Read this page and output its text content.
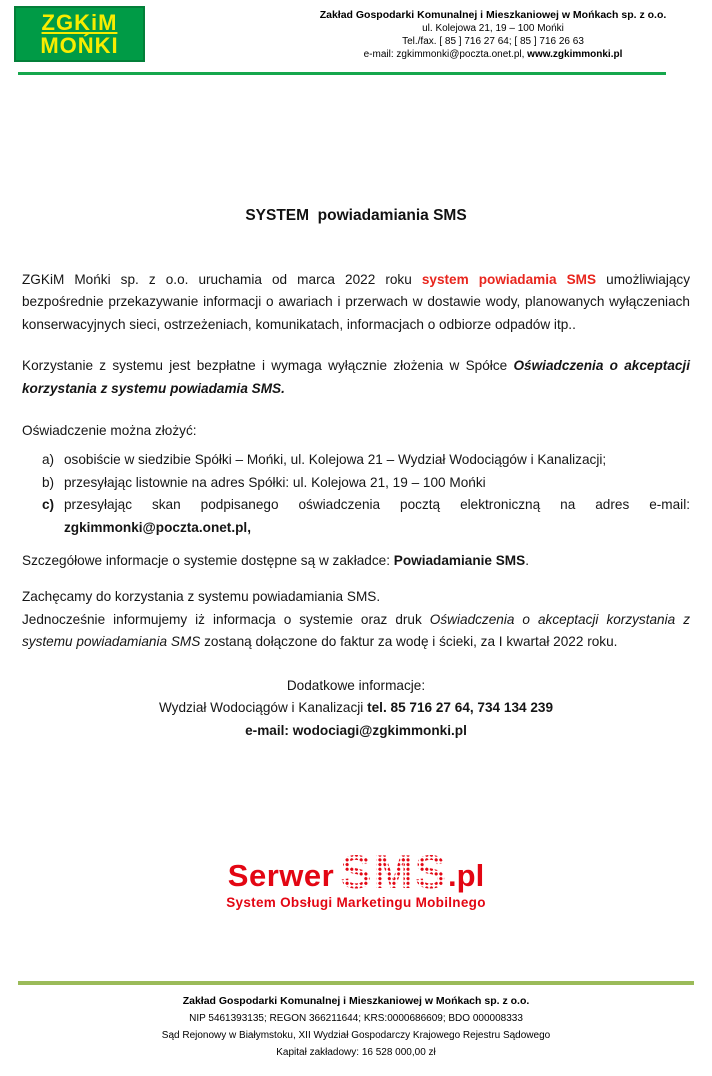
ZGKiM
MOŃKI
Zakład Gospodarki Komunalnej i Mieszkaniowej w Mońkach sp. z o.o.
ul. Kolejowa 21, 19 – 100 Mońki
Tel./fax. [ 85 ] 716 27 64; [ 85 ] 716 26 63
e-mail: zgkimmonki@poczta.onet.pl, www.zgkimmonki.pl
SYSTEM  powiadamiania SMS

ZGKiM Mońki sp. z o.o. uruchamia od marca 2022 roku system powiadamia SMS umożliwiający bezpośrednie przekazywanie informacji o awariach i przerwach w dostawie wody, planowanych wyłączeniach konserwacyjnych sieci, ostrzeżeniach, komunikatach, informacjach o odbiorze odpadów itp..

Korzystanie z systemu jest bezpłatne i wymaga wyłącznie złożenia w Spółce Oświadczenia o akceptacji korzystania z systemu powiadamia SMS.

Oświadczenie można złożyć:

a) osobiście w siedzibie Spółki – Mońki, ul. Kolejowa 21 – Wydział Wodociągów i Kanalizacji;
b) przesyłając listownie na adres Spółki: ul. Kolejowa 21, 19 – 100 Mońki
c) przesyłając skan podpisanego oświadczenia pocztą elektroniczną na adres e-mail:
zgkimmonki@poczta.onet.pl,

Szczegółowe informacje o systemie dostępne są w zakładce: Powiadamianie SMS.

Zachęcamy do korzystania z systemu powiadamiania SMS.
Jednocześnie informujemy iż informacja o systemie oraz druk Oświadczenia o akceptacji korzystania z systemu powiadamiania SMS zostaną dołączone do faktur za wodę i ścieki, za I kwartał 2022 roku.
Dodatkowe informacje:
Wydział Wodociągów i Kanalizacji tel. 85 716 27 64, 734 134 239
e-mail: wodociagi@zgkimmonki.pl
Serwer SMS .pl
System Obsługi Marketingu Mobilnego
Zakład Gospodarki Komunalnej i Mieszkaniowej w Mońkach sp. z o.o.
NIP 5461393135; REGON 366211644; KRS:0000686609; BDO 000008333
Sąd Rejonowy w Białymstoku, XII Wydział Gospodarczy Krajowego Rejestru Sądowego
Kapitał zakładowy: 16 528 000,00 zł
